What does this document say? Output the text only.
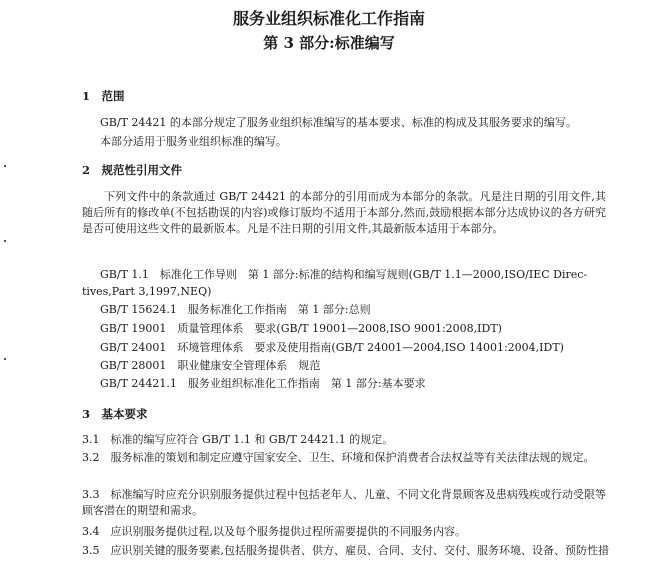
服务业组织标准化工作指南
第 3 部分:标准编写
1　范围
GB/T 24421 的本部分规定了服务业组织标准编写的基本要求、标准的构成及其服务要求的编写。
本部分适用于服务业组织标准的编写。
2　规范性引用文件
下列文件中的条款通过 GB/T 24421 的本部分的引用而成为本部分的条款。凡是注日期的引用文件,其随后所有的修改单(不包括勘误的内容)或修订版均不适用于本部分,然而,鼓励根据本部分达成协议的各方研究是否可使用这些文件的最新版本。凡是不注日期的引用文件,其最新版本适用于本部分。
GB/T 1.1　标准化工作导则　第 1 部分:标准的结构和编写规则(GB/T 1.1—2000,ISO/IEC Direc-
tives,Part 3,1997,NEQ)
GB/T 15624.1　服务标准化工作指南　第 1 部分:总则
GB/T 19001　质量管理体系　要求(GB/T 19001—2008,ISO 9001:2008,IDT)
GB/T 24001　环境管理体系　要求及使用指南(GB/T 24001—2004,ISO 14001:2004,IDT)
GB/T 28001　职业健康安全管理体系　规范
GB/T 24421.1　服务业组织标准化工作指南　第 1 部分:基本要求
3　基本要求
3.1　标准的编写应符合 GB/T 1.1 和 GB/T 24421.1 的规定。
3.2　服务标准的策划和制定应遵守国家安全、卫生、环境和保护消费者合法权益等有关法律法规的规定。
3.3　标准编写时应充分识别服务提供过程中包括老年人、儿童、不同文化背景顾客及患病残疾或行动受限等顾客潜在的期望和需求。
3.4　应识别服务提供过程,以及每个服务提供过程所需要提供的不同服务内容。
3.5　应识别关键的服务要素,包括服务提供者、供方、雇员、合同、支付、交付、服务环境、设备、预防性措
